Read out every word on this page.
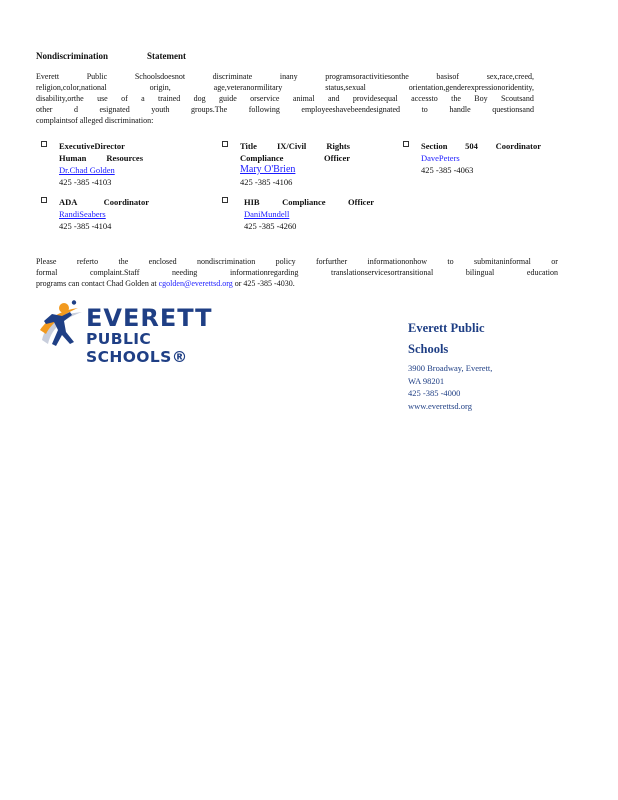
Nondiscrimination	Statement
Everett	Public	Schoolsdoesnot	discriminate	inany	programsoractivitiesonthe	basisof	sex,race,creed,
religion,color,national	origin,	age,veteranormilitary	status,sexual	orientation,genderexpressionoridentity,
disability,orthe use of a trained dog guide orservice animal and providesequal accessto the Boy Scoutsand
other	d	esignated	youth	groups.The	following	employeeshavebeendesignated	to	handle	questionsand
complaintsof alleged discrimination:
ExecutiveDirector
Human Resources
Dr.Chad Golden
425 -385 -4103
Title IX/Civil Rights
Compliance	Officer
Mary O'Brien
425 -385 -4106
Section 504 Coordinator
DavePeters
425 -385 -4063
ADA	Coordinator
RandiSeabers
425 -385 -4104
HIB	Compliance	Officer
DaniMundell
425 -385 -4260
Please	referto	the	enclosed	nondiscrimination	policy	forfurther	informationonhow	to	submitaninformal	or
formal	complaint.Staff	needing	informationregarding	translationservicesortransitional	bilingual	education
programs can contact Chad Golden at cgolden@everettsd.org or 425 -385 -4030.
EVERETT
PUBLIC SCHOOLS®
Everett Public
Schools
3900 Broadway, Everett,
WA 98201
425 -385 -4000
www.everettsd.org
